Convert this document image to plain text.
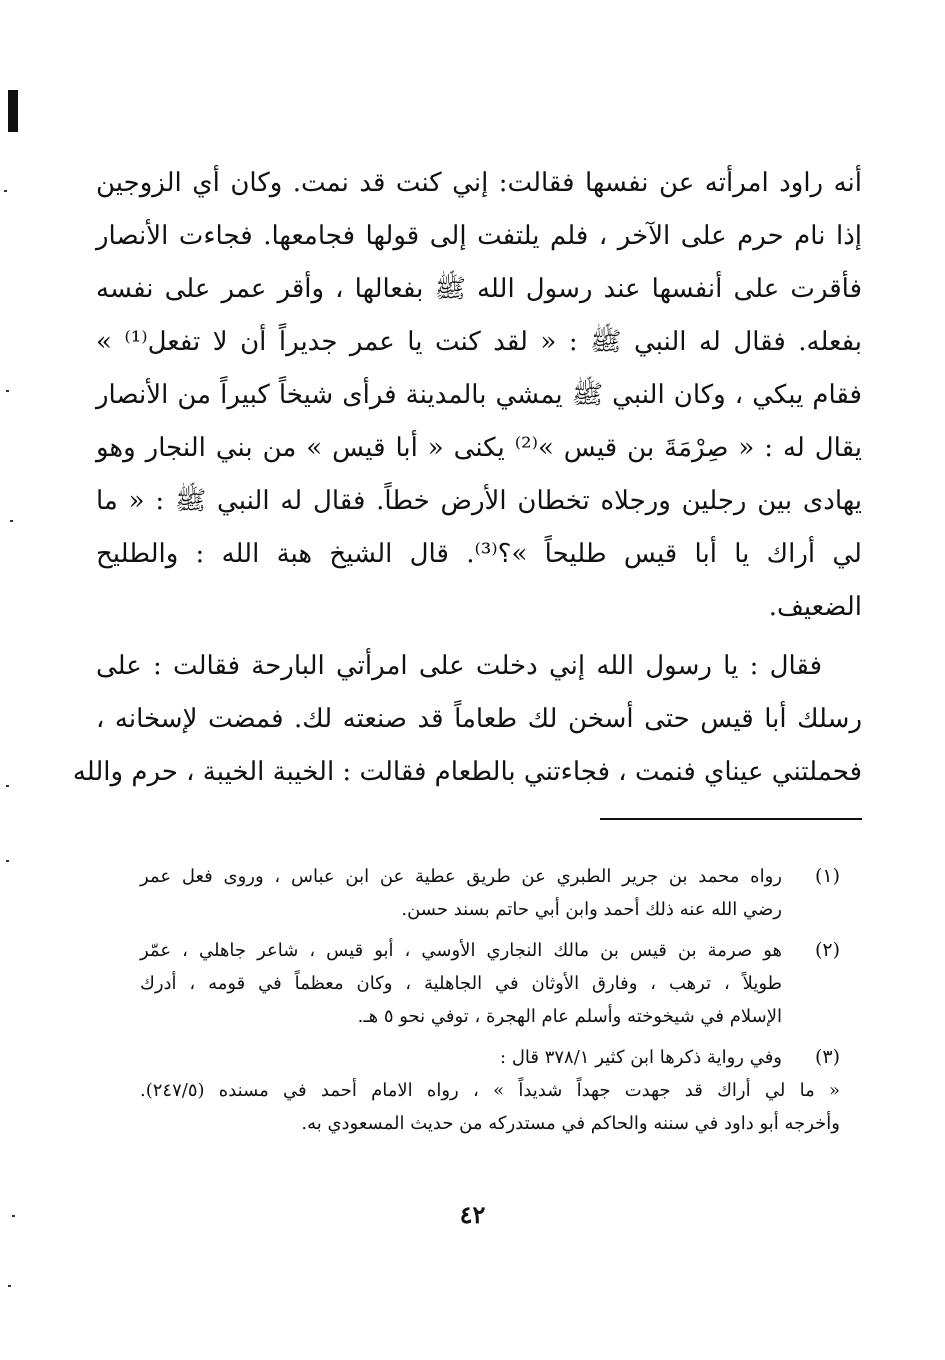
أنه راود امرأته عن نفسها فقالت: إني كنت قد نمت. وكان أي الزوجين
إذا نام حرم على الآخر ، فلم يلتفت إلى قولها فجامعها. فجاءت الأنصار
فأقرت على أنفسها عند رسول الله ﷺ بفعالها ، وأقر عمر على نفسه
بفعله. فقال له النبي ﷺ : « لقد كنت يا عمر جديراً أن لا تفعل⁽¹⁾ »
فقام يبكي ، وكان النبي ﷺ يمشي بالمدينة فرأى شيخاً كبيراً من الأنصار
يقال له : « صِرْمَةَ بن قيس »⁽²⁾ يكنى « أبا قيس » من بني النجار وهو
يهادى بين رجلين ورجلاه تخطان الأرض خطاً. فقال له النبي ﷺ : « ما
لي أراك يا أبا قيس طليحاً »؟⁽³⁾. قال الشيخ هبة الله : والطليح
الضعيف.
فقال : يا رسول الله إني دخلت على امرأتي البارحة فقالت : على
رسلك أبا قيس حتى أسخن لك طعاماً قد صنعته لك. فمضت لإسخانه ،
فحملتني عيناي فنمت ، فجاءتني بالطعام فقالت : الخيبة الخيبة ، حرم والله
(١)
رواه محمد بن جرير الطبري عن طريق عطية عن ابن عباس ، وروى فعل عمر
رضي الله عنه ذلك أحمد وابن أبي حاتم بسند حسن.
(٢)
هو صرمة بن قيس بن مالك النجاري الأوسي ، أبو قيس ، شاعر جاهلي ، عمّر
طويلاً ، ترهب ، وفارق الأوثان في الجاهلية ، وكان معظماً في قومه ، أدرك
الإسلام في شيخوخته وأسلم عام الهجرة ، توفي نحو ٥ هـ.
(٣)
وفي رواية ذكرها ابن كثير ٣٧٨/١ قال :
« ما لي أراك قد جهدت جهداً شديداً » ، رواه الامام أحمد في مسنده (٢٤٧/٥).
وأخرجه أبو داود في سننه والحاكم في مستدركه من حديث المسعودي به.
٤٢
